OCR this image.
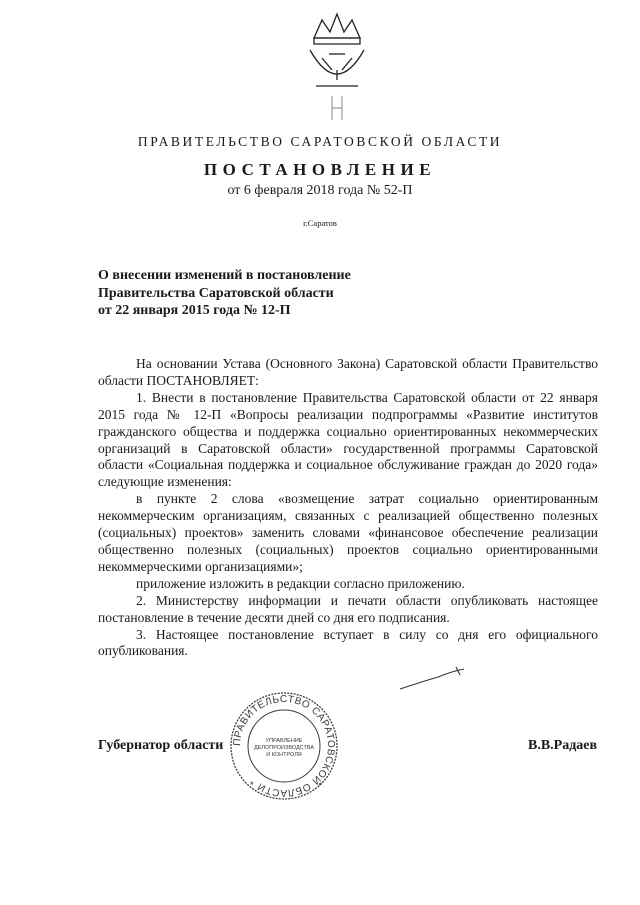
ПРАВИТЕЛЬСТВО САРАТОВСКОЙ ОБЛАСТИ
ПОСТАНОВЛЕНИЕ
от 6 февраля 2018 года № 52-П
г.Саратов
О внесении изменений в постановление
Правительства Саратовской области
от 22 января 2015 года № 12-П

На основании Устава (Основного Закона) Саратовской области Правительство области ПОСТАНОВЛЯЕТ:

1. Внести в постановление Правительства Саратовской области от 22 января 2015 года № 12-П «Вопросы реализации подпрограммы «Развитие институтов гражданского общества и поддержка социально ориентированных некоммерческих организаций в Саратовской области» государственной программы Саратовской области «Социальная поддержка и социальное обслуживание граждан до 2020 года» следующие изменения:

в пункте 2 слова «возмещение затрат социально ориентированным некоммерческим организациям, связанных с реализацией общественно полезных (социальных) проектов» заменить словами «финансовое обеспечение реализации общественно полезных (социальных) проектов социально ориентированными некоммерческими организациями»;

приложение изложить в редакции согласно приложению.

2. Министерству информации и печати области опубликовать настоящее постановление в течение десяти дней со дня его подписания.

3. Настоящее постановление вступает в силу со дня его официального опубликования.

ПРАВИТЕЛЬСТВО САРАТОВСКОЙ ОБЛАСТИ *
УПРАВЛЕНИЕ
ДЕЛОПРОИЗВОДСТВА
И КОНТРОЛЯ
Губернатор области	В.В.Радаев
